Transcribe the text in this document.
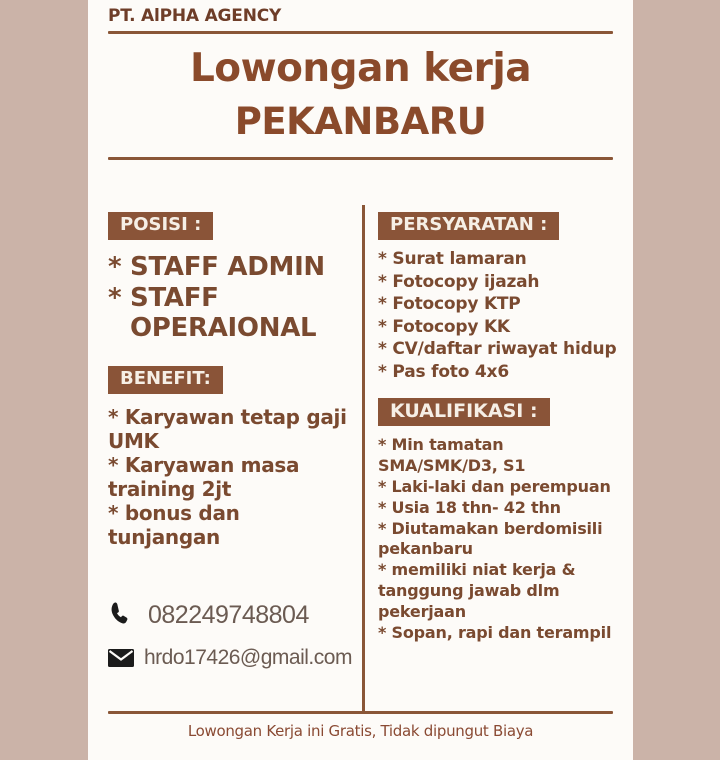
PT. AlPHA AGENCY
Lowongan kerja
PEKANBARU
POSISI :
* STAFF ADMIN
* STAFF
OPERAIONAL
BENEFIT:
* Karyawan tetap gaji UMK
* Karyawan masa training 2jt
* bonus dan tunjangan
PERSYARATAN :
* Surat lamaran
* Fotocopy ijazah
* Fotocopy KTP
* Fotocopy KK
* CV/daftar riwayat hidup
* Pas foto 4x6
KUALIFIKASI :
* Min tamatan SMA/SMK/D3, S1
* Laki-laki dan perempuan
* Usia 18 thn- 42 thn
* Diutamakan berdomisili pekanbaru
* memiliki niat kerja & tanggung jawab dlm pekerjaan
* Sopan, rapi dan terampil
082249748804
hrdo17426@gmail.com
Lowongan Kerja ini Gratis, Tidak dipungut Biaya
